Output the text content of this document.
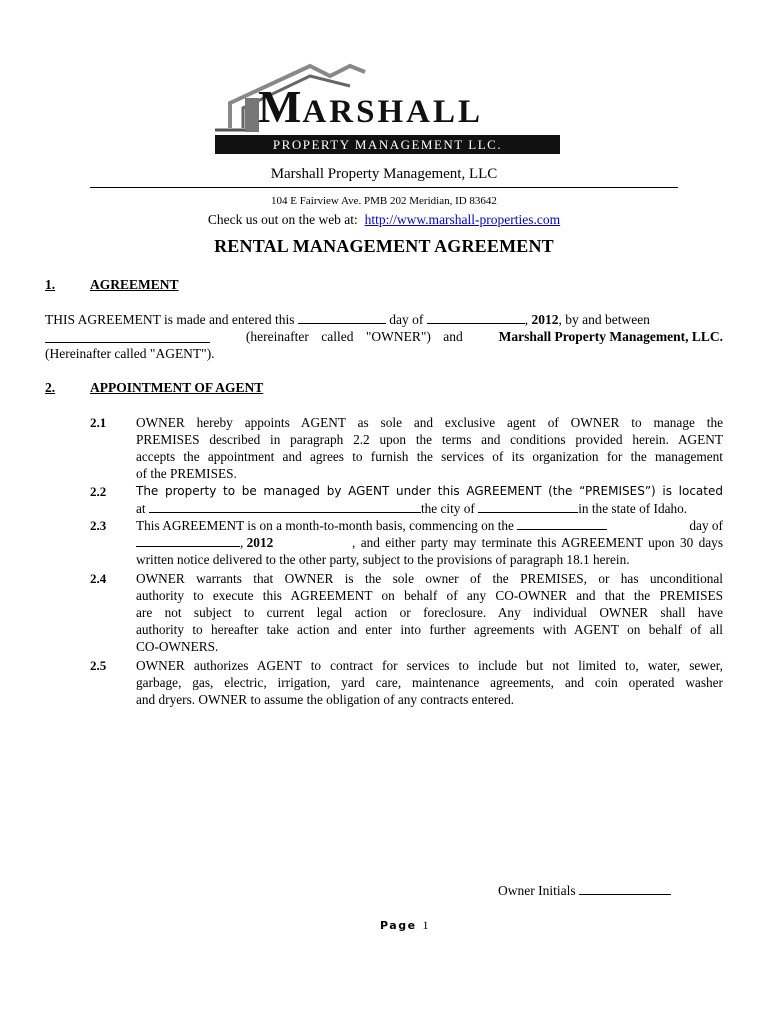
MARSHALL
PROPERTY MANAGEMENT LLC.
Marshall Property Management, LLC
104 E Fairview Ave. PMB 202 Meridian, ID 83642
Check us out on the web at: http://www.marshall-properties.com
RENTAL MANAGEMENT AGREEMENT
1.	AGREEMENT
THIS AGREEMENT is made and entered this	day of	, 2012, by and between
(hereinafter called "OWNER") and	Marshall Property Management, LLC.
(Hereinafter called "AGENT").
2.	APPOINTMENT OF AGENT
2.1 OWNER hereby appoints AGENT as sole and exclusive agent of OWNER to manage the
PREMISES described in paragraph 2.2 upon the terms and conditions provided herein. AGENT
accepts the appointment and agrees to furnish the services of its organization for the management
of the PREMISES.
2.2 The property to be managed by AGENT under this AGREEMENT (the “PREMISES”) is located
at	the city of	in the state of Idaho.
2.3 This AGREEMENT is on a month-to-month basis, commencing on the	day of
, 2012	, and either party may terminate this AGREEMENT upon 30 days
written notice delivered to the other party, subject to the provisions of paragraph 18.1 herein.
2.4 OWNER warrants that OWNER is the sole owner of the PREMISES, or has unconditional
authority to execute this AGREEMENT on behalf of any CO-OWNER and that the PREMISES
are not subject to current legal action or foreclosure. Any individual OWNER shall have
authority to hereafter take action and enter into further agreements with AGENT on behalf of all
CO-OWNERS.
2.5 OWNER authorizes AGENT to contract for services to include but not limited to, water, sewer,
garbage, gas, electric, irrigation, yard care, maintenance agreements, and coin operated washer
and dryers. OWNER to assume the obligation of any contracts entered.
Owner Initials
Page 1
